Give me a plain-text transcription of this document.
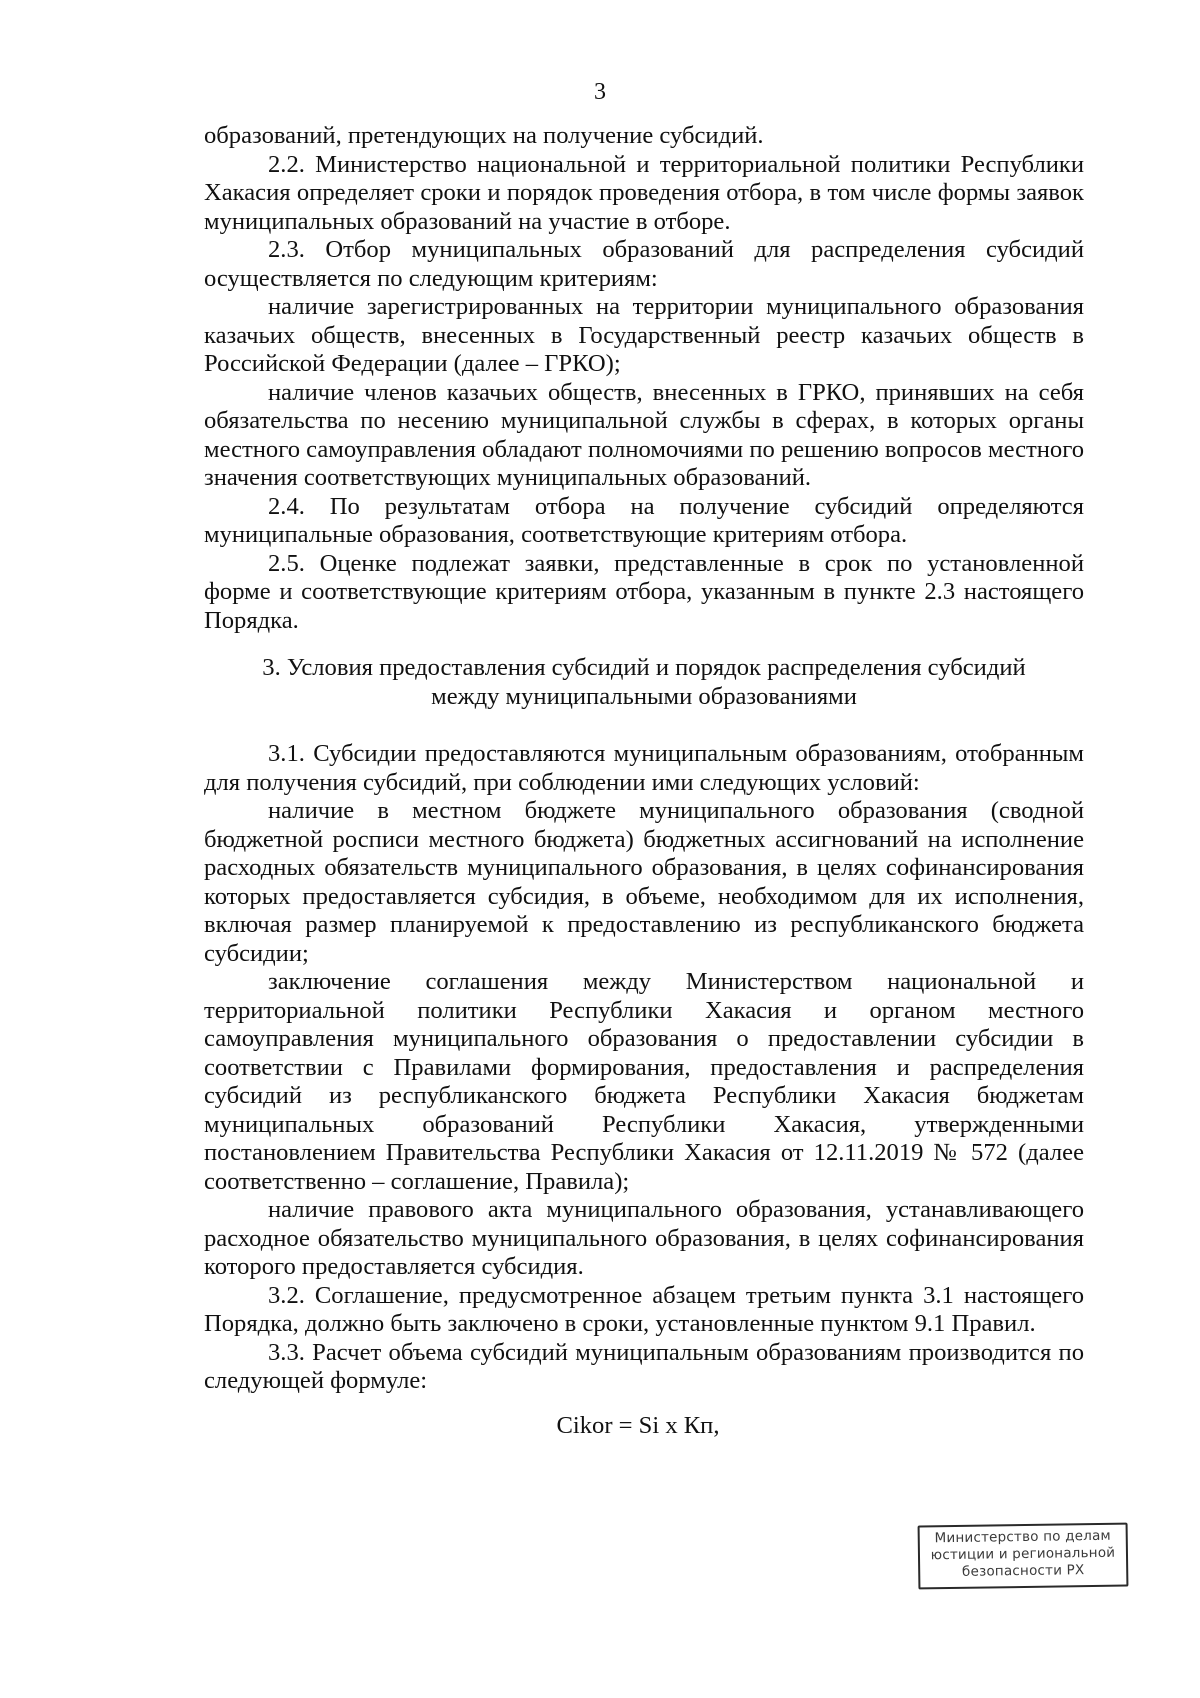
3

образований, претендующих на получение субсидий.

2.2. Министерство национальной и территориальной политики Республики Хакасия определяет сроки и порядок проведения отбора, в том числе формы заявок муниципальных образований на участие в отборе.

2.3. Отбор муниципальных образований для распределения субсидий осуществляется по следующим критериям:

наличие зарегистрированных на территории муниципального образования казачьих обществ, внесенных в Государственный реестр казачьих обществ в Российской Федерации (далее – ГРКО);

наличие членов казачьих обществ, внесенных в ГРКО, принявших на себя обязательства по несению муниципальной службы в сферах, в которых органы местного самоуправления обладают полномочиями по решению вопросов местного значения соответствующих муниципальных образований.

2.4. По результатам отбора на получение субсидий определяются муниципальные образования, соответствующие критериям отбора.

2.5. Оценке подлежат заявки, представленные в срок по установленной форме и соответствующие критериям отбора, указанным в пункте 2.3 настоящего Порядка.

3. Условия предоставления субсидий и порядок распределения субсидий
между муниципальными образованиями

3.1. Субсидии предоставляются муниципальным образованиям, отобранным для получения субсидий, при соблюдении ими следующих условий:

наличие в местном бюджете муниципального образования (сводной бюджетной росписи местного бюджета) бюджетных ассигнований на исполнение расходных обязательств муниципального образования, в целях софинансирования которых предоставляется субсидия, в объеме, необходимом для их исполнения, включая размер планируемой к предоставлению из республиканского бюджета субсидии;

заключение соглашения между Министерством национальной и территориальной политики Республики Хакасия и органом местного самоуправления муниципального образования о предоставлении субсидии в соответствии с Правилами формирования, предоставления и распределения субсидий из республиканского бюджета Республики Хакасия бюджетам муниципальных образований Республики Хакасия, утвержденными постановлением Правительства Республики Хакасия от 12.11.2019 № 572 (далее соответственно – соглашение, Правила);

наличие правового акта муниципального образования, устанавливающего расходное обязательство муниципального образования, в целях софинансирования которого предоставляется субсидия.

3.2. Соглашение, предусмотренное абзацем третьим пункта 3.1 настоящего Порядка, должно быть заключено в сроки, установленные пунктом 9.1 Правил.

3.3. Расчет объема субсидий муниципальным образованиям производится по следующей формуле:

Cikor = Si x Кп,
Министерство по делам
юстиции и региональной
безопасности РХ
